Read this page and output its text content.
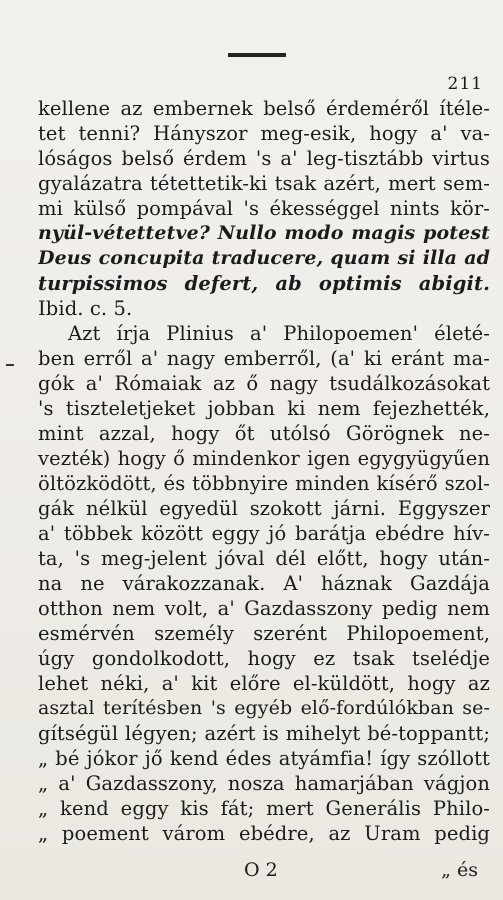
211
kellene az embernek belső érdeméről ítéle-
tet tenni? Hányszor meg-esik, hogy a' va-
lóságos belső érdem 's a' leg-tisztább virtus
gyalázatra tétettetik-ki tsak azért, mert sem-
mi külső pompával 's ékességgel nints kör-
nyül-vétettetve? Nullo modo magis potest
Deus concupita traducere, quam si illa ad
turpissimos defert, ab optimis abigit.
Ibid. c. 5.
Azt írja Plinius a' Philopoemen' életé-
ben erről a' nagy emberről, (a' ki eránt ma-
gók a' Rómaiak az ő nagy tsudálkozásokat
's tiszteletjeket jobban ki nem fejezhették,
mint azzal, hogy őt utólsó Görögnek ne-
vezték) hogy ő mindenkor igen egygyügyűen
öltözködött, és többnyire minden kísérő szol-
gák nélkül egyedül szokott járni. Eggyszer
a' többek között eggy jó barátja ebédre hív-
ta, 's meg-jelent jóval dél előtt, hogy után-
na ne várakozzanak. A' háznak Gazdája
otthon nem volt, a' Gazdasszony pedig nem
esmérvén személy szerént Philopoement,
úgy gondolkodott, hogy ez tsak tselédje
lehet néki, a' kit előre el-küldött, hogy az
asztal terítésben 's egyéb elő-fordúlókban se-
gítségül légyen; azért is mihelyt bé-toppantt;
„ bé jókor jő kend édes atyámfia! így szóllott
„ a' Gazdasszony, nosza hamarjában vágjon
„ kend eggy kis fát; mert Generális Philo-
„ poement várom ebédre, az Uram pedig
O 2	„ és
